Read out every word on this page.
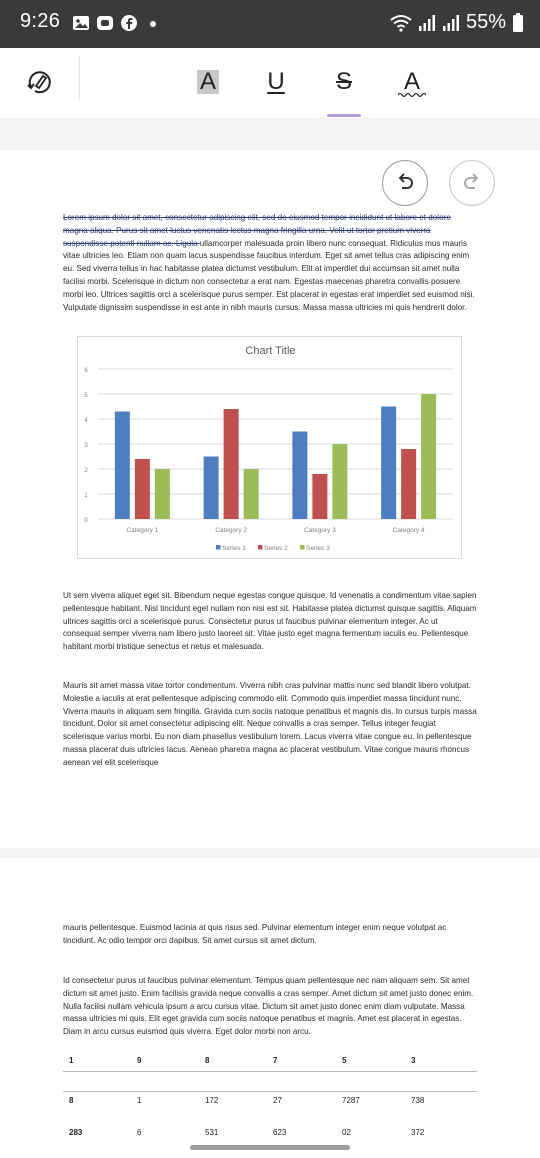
9:26	55%
A U S A

Lorem ipsum dolor sit amet, consectetur adipiscing elit, sed do eiusmod tempor incididunt ut labore et dolore magna aliqua. Purus sit amet luctus venenatis lectus magna fringilla urna. Velit ut tortor pretium viverra suspendisse potenti nullam ac. Ligula ullamcorper malesuada proin libero nunc consequat. Ridiculus mus mauris vitae ultricies leo. Etiam non quam lacus suspendisse faucibus interdum. Eget sit amet tellus cras adipiscing enim eu. Sed viverra tellus in hac habitasse platea dictumst vestibulum. Elit at imperdiet dui accumsan sit amet nulla facilisi morbi. Scelerisque in dictum non consectetur a erat nam. Egestas maecenas pharetra convallis posuere morbi leo. Ultrices sagittis orci a scelerisque purus semper. Est placerat in egestas erat imperdiet sed euismod nisi. Vulputate dignissim suspendisse in est ante in nibh mauris cursus. Massa massa ultricies mi quis hendrerit dolor.

Chart Title
0
1
2
3
4
5
6
Category 1	Category 2	Category 3	Category 4
Series 1	Series 2	Series 3

Ut sem viverra aliquet eget sit. Bibendum neque egestas congue quisque. Id venenatis a condimentum vitae sapien pellentesque habitant. Nisl tincidunt eget nullam non nisi est sit. Habitasse platea dictumst quisque sagittis. Aliquam ultrices sagittis orci a scelerisque purus. Consectetur purus ut faucibus pulvinar elementum integer. Ac ut consequat semper viverra nam libero justo laoreet sit. Vitae justo eget magna fermentum iaculis eu. Pellentesque habitant morbi tristique senectus et netus et malesuada.

Mauris sit amet massa vitae tortor condimentum. Viverra nibh cras pulvinar mattis nunc sed blandit libero volutpat. Molestie a iaculis at erat pellentesque adipiscing commodo elit. Commodo quis imperdiet massa tincidunt nunc. Viverra mauris in aliquam sem fringilla. Gravida cum sociis natoque penatibus et magnis dis. In cursus turpis massa tincidunt. Dolor sit amet consectetur adipiscing elit. Neque convallis a cras semper. Tellus integer feugiat scelerisque varius morbi. Eu non diam phasellus vestibulum lorem. Lacus viverra vitae congue eu. In pellentesque massa placerat duis ultricies lacus. Aenean pharetra magna ac placerat vestibulum. Vitae congue mauris rhoncus aenean vel elit scelerisque

mauris pellentesque. Euismod lacinia at quis risus sed. Pulvinar elementum integer enim neque volutpat ac tincidunt. Ac odio tempor orci dapibus. Sit amet cursus sit amet dictum.

Id consectetur purus ut faucibus pulvinar elementum. Tempus quam pellentesque nec nam aliquam sem. Sit amet dictum sit amet justo. Enim facilisis gravida neque convallis a cras semper. Amet dictum sit amet justo donec enim. Nulla facilisi nullam vehicula ipsum a arcu cursus vitae. Dictum sit amet justo donec enim diam vulputate. Massa massa ultricies mi quis. Elit eget gravida cum sociis natoque penatibus et magnis. Amet est placerat in egestas. Diam in arcu cursus euismod quis viverra. Eget dolor morbi non arcu.

1	9	8	7	5	3
8	1	172	27	7287	738
283	6	531	623	02	372
